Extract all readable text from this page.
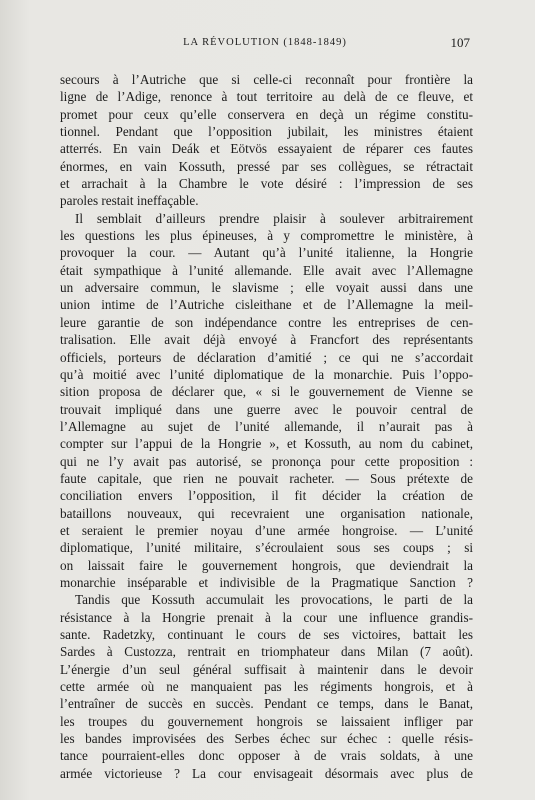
LA RÉVOLUTION (1848-1849)	107
secours à l’Autriche que si celle-ci reconnaît pour frontière la
ligne de l’Adige, renonce à tout territoire au delà de ce fleuve, et
promet pour ceux qu’elle conservera en deçà un régime constitu-
tionnel. Pendant que l’opposition jubilait, les ministres étaient
atterrés. En vain Deák et Eötvös essayaient de réparer ces fautes
énormes, en vain Kossuth, pressé par ses collègues, se rétractait
et arrachait à la Chambre le vote désiré : l’impression de ses
paroles restait ineffaçable.
Il semblait d’ailleurs prendre plaisir à soulever arbitrairement
les questions les plus épineuses, à y compromettre le ministère, à
provoquer la cour. — Autant qu’à l’unité italienne, la Hongrie
était sympathique à l’unité allemande. Elle avait avec l’Allemagne
un adversaire commun, le slavisme ; elle voyait aussi dans une
union intime de l’Autriche cisleithane et de l’Allemagne la meil-
leure garantie de son indépendance contre les entreprises de cen-
tralisation. Elle avait déjà envoyé à Francfort des représentants
officiels, porteurs de déclaration d’amitié ; ce qui ne s’accordait
qu’à moitié avec l’unité diplomatique de la monarchie. Puis l’oppo-
sition proposa de déclarer que, « si le gouvernement de Vienne se
trouvait impliqué dans une guerre avec le pouvoir central de
l’Allemagne au sujet de l’unité allemande, il n’aurait pas à
compter sur l’appui de la Hongrie », et Kossuth, au nom du cabinet,
qui ne l’y avait pas autorisé, se prononça pour cette proposition :
faute capitale, que rien ne pouvait racheter. — Sous prétexte de
conciliation envers l’opposition, il fit décider la création de
bataillons nouveaux, qui recevraient une organisation nationale,
et seraient le premier noyau d’une armée hongroise. — L’unité
diplomatique, l’unité militaire, s’écroulaient sous ses coups ; si
on laissait faire le gouvernement hongrois, que deviendrait la
monarchie inséparable et indivisible de la Pragmatique Sanction ?
Tandis que Kossuth accumulait les provocations, le parti de la
résistance à la Hongrie prenait à la cour une influence grandis-
sante. Radetzky, continuant le cours de ses victoires, battait les
Sardes à Custozza, rentrait en triomphateur dans Milan (7 août).
L’énergie d’un seul général suffisait à maintenir dans le devoir
cette armée où ne manquaient pas les régiments hongrois, et à
l’entraîner de succès en succès. Pendant ce temps, dans le Banat,
les troupes du gouvernement hongrois se laissaient infliger par
les bandes improvisées des Serbes échec sur échec : quelle résis-
tance pourraient-elles donc opposer à de vrais soldats, à une
armée victorieuse ? La cour envisageait désormais avec plus de
